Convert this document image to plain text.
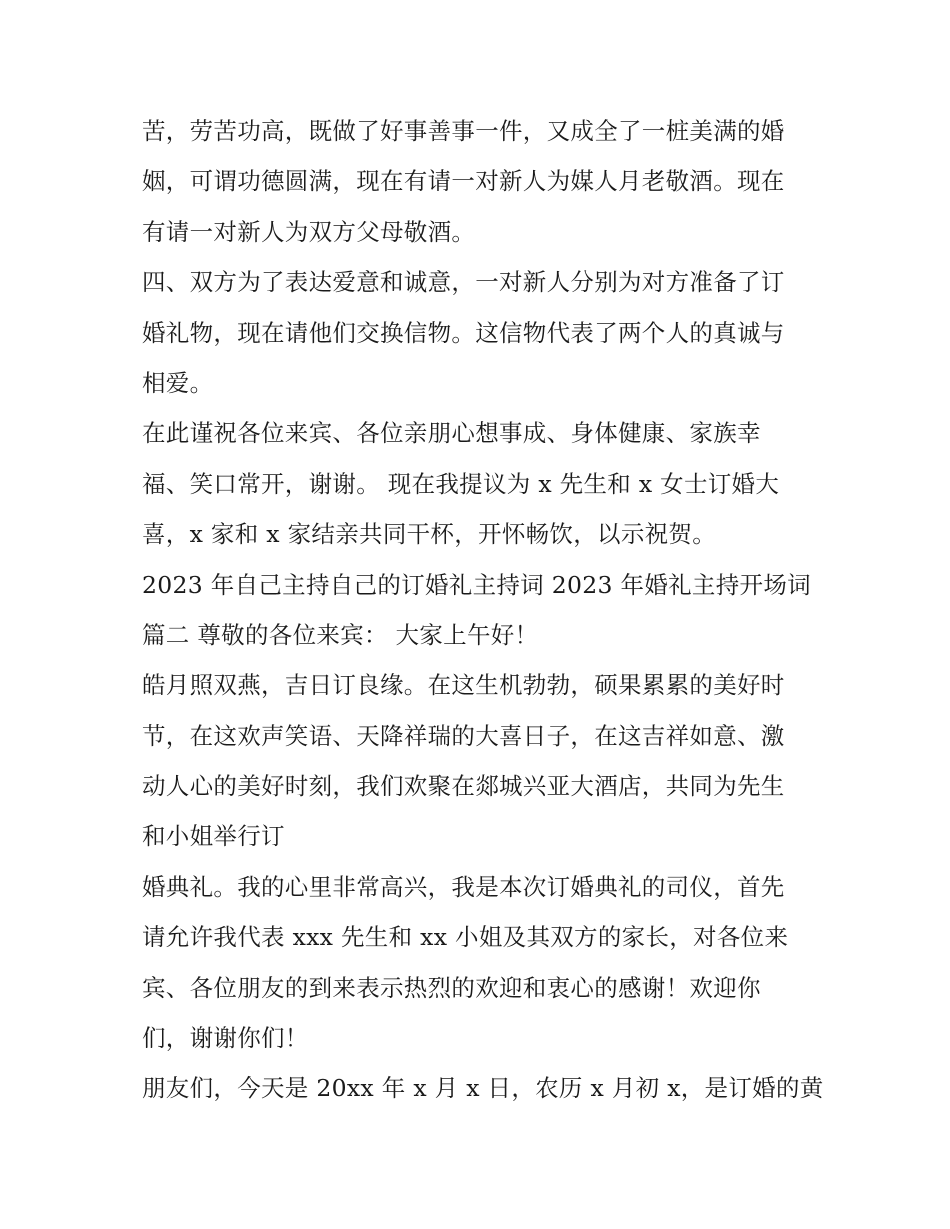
苦，劳苦功高，既做了好事善事一件，又成全了一桩美满的婚
姻，可谓功德圆满，现在有请一对新人为媒人月老敬酒。现在
有请一对新人为双方父母敬酒。
四、双方为了表达爱意和诚意，一对新人分别为对方准备了订
婚礼物，现在请他们交换信物。这信物代表了两个人的真诚与
相爱。
在此谨祝各位来宾、各位亲朋心想事成、身体健康、家族幸
福、笑口常开，谢谢。 现在我提议为 x 先生和 x 女士订婚大
喜，x 家和 x 家结亲共同干杯，开怀畅饮，以示祝贺。
2023 年自己主持自己的订婚礼主持词 2023 年婚礼主持开场词
篇二 尊敬的各位来宾： 大家上午好！
皓月照双燕，吉日订良缘。在这生机勃勃，硕果累累的美好时
节，在这欢声笑语、天降祥瑞的大喜日子，在这吉祥如意、激
动人心的美好时刻，我们欢聚在郯城兴亚大酒店，共同为先生
和小姐举行订
婚典礼。我的心里非常高兴，我是本次订婚典礼的司仪，首先
请允许我代表 xxx 先生和 xx 小姐及其双方的家长，对各位来
宾、各位朋友的到来表示热烈的欢迎和衷心的感谢！欢迎你
们，谢谢你们！
朋友们，今天是 20xx 年 x 月 x 日，农历 x 月初 x，是订婚的黄
